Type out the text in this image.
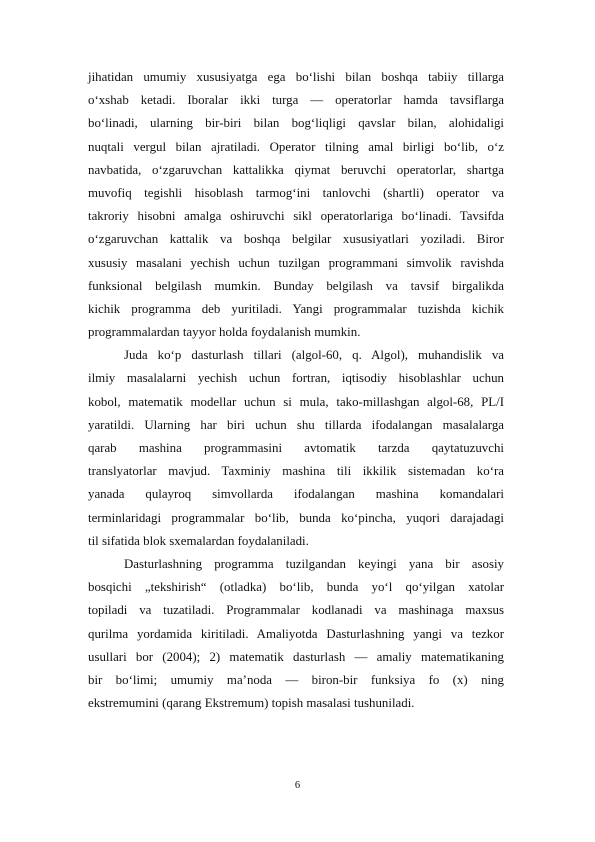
jihatidan umumiy xususiyatga ega boʻlishi bilan boshqa tabiiy tillarga
oʻxshab ketadi. Iboralar ikki turga — operatorlar hamda tavsiflarga
boʻlinadi, ularning bir-biri bilan bogʻliqligi qavslar bilan, alohidaligi
nuqtali vergul bilan ajratiladi. Operator tilning amal birligi boʻlib, oʻz
navbatida, oʻzgaruvchan kattalikka qiymat beruvchi operatorlar, shartga
muvofiq tegishli hisoblash tarmogʻini tanlovchi (shartli) operator va
takroriy hisobni amalga oshiruvchi sikl operatorlariga boʻlinadi. Tavsifda
oʻzgaruvchan kattalik va boshqa belgilar xususiyatlari yoziladi. Biror
xususiy masalani yechish uchun tuzilgan programmani simvolik ravishda
funksional belgilash mumkin. Bunday belgilash va tavsif birgalikda
kichik programma deb yuritiladi. Yangi programmalar tuzishda kichik
programmalardan tayyor holda foydalanish mumkin.
Juda koʻp dasturlash tillari (algol-60, q. Algol), muhandislik va
ilmiy masalalarni yechish uchun fortran, iqtisodiy hisoblashlar uchun
kobol, matematik modellar uchun si mula, tako-millashgan algol-68, PL/I
yaratildi. Ularning har biri uchun shu tillarda ifodalangan masalalarga
qarab mashina programmasini avtomatik tarzda qaytatuzuvchi
translyatorlar mavjud. Taxminiy mashina tili ikkilik sistemadan koʻra
yanada qulayroq simvollarda ifodalangan mashina komandalari
terminlaridagi programmalar boʻlib, bunda koʻpincha, yuqori darajadagi
til sifatida blok sxemalardan foydalaniladi.
Dasturlashning programma tuzilgandan keyingi yana bir asosiy
bosqichi „tekshirish“ (otladka) boʻlib, bunda yoʻl qoʻyilgan xatolar
topiladi va tuzatiladi. Programmalar kodlanadi va mashinaga maxsus
qurilma yordamida kiritiladi. Amaliyotda Dasturlashning yangi va tezkor
usullari bor (2004); 2) matematik dasturlash — amaliy matematikaning
bir boʻlimi; umumiy maʼnoda — biron-bir funksiya fo (x) ning
ekstremumini (qarang Ekstremum) topish masalasi tushuniladi.
6
